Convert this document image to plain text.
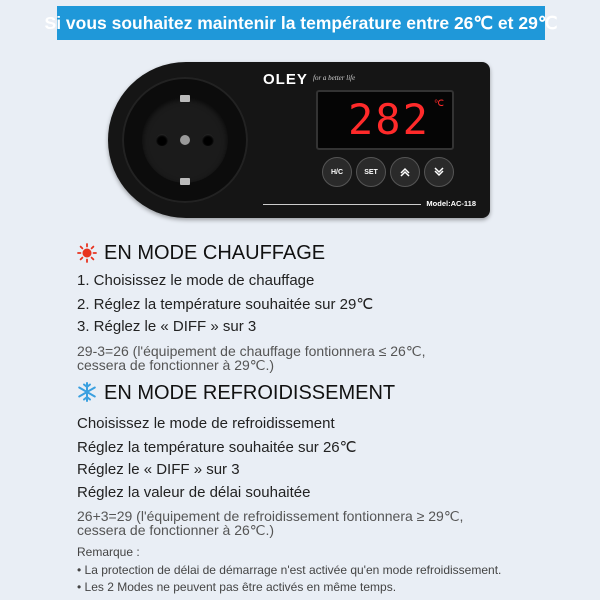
Si vous souhaitez maintenir la température entre 26℃ et 29℃
OLEY for a better life
282 ℃
H/C	SET
Model:AC-118
EN MODE CHAUFFAGE
1. Choisissez le mode de chauffage
2. Réglez la température souhaitée sur 29℃
3. Réglez le « DIFF » sur 3
29-3=26 (l'équipement de chauffage fontionnera ≤ 26℃,
cessera de fonctionner à 29℃.)
EN MODE REFROIDISSEMENT
Choisissez le mode de refroidissement
Réglez la température souhaitée sur 26℃
Réglez le « DIFF » sur 3
Réglez la valeur de délai souhaitée
26+3=29 (l'équipement de refroidissement fontionnera ≥ 29℃,
cessera de fonctionner à 26℃.)
Remarque :
• La protection de délai de démarrage n'est activée qu'en mode refroidissement.
• Les 2 Modes ne peuvent pas être activés en même temps.
